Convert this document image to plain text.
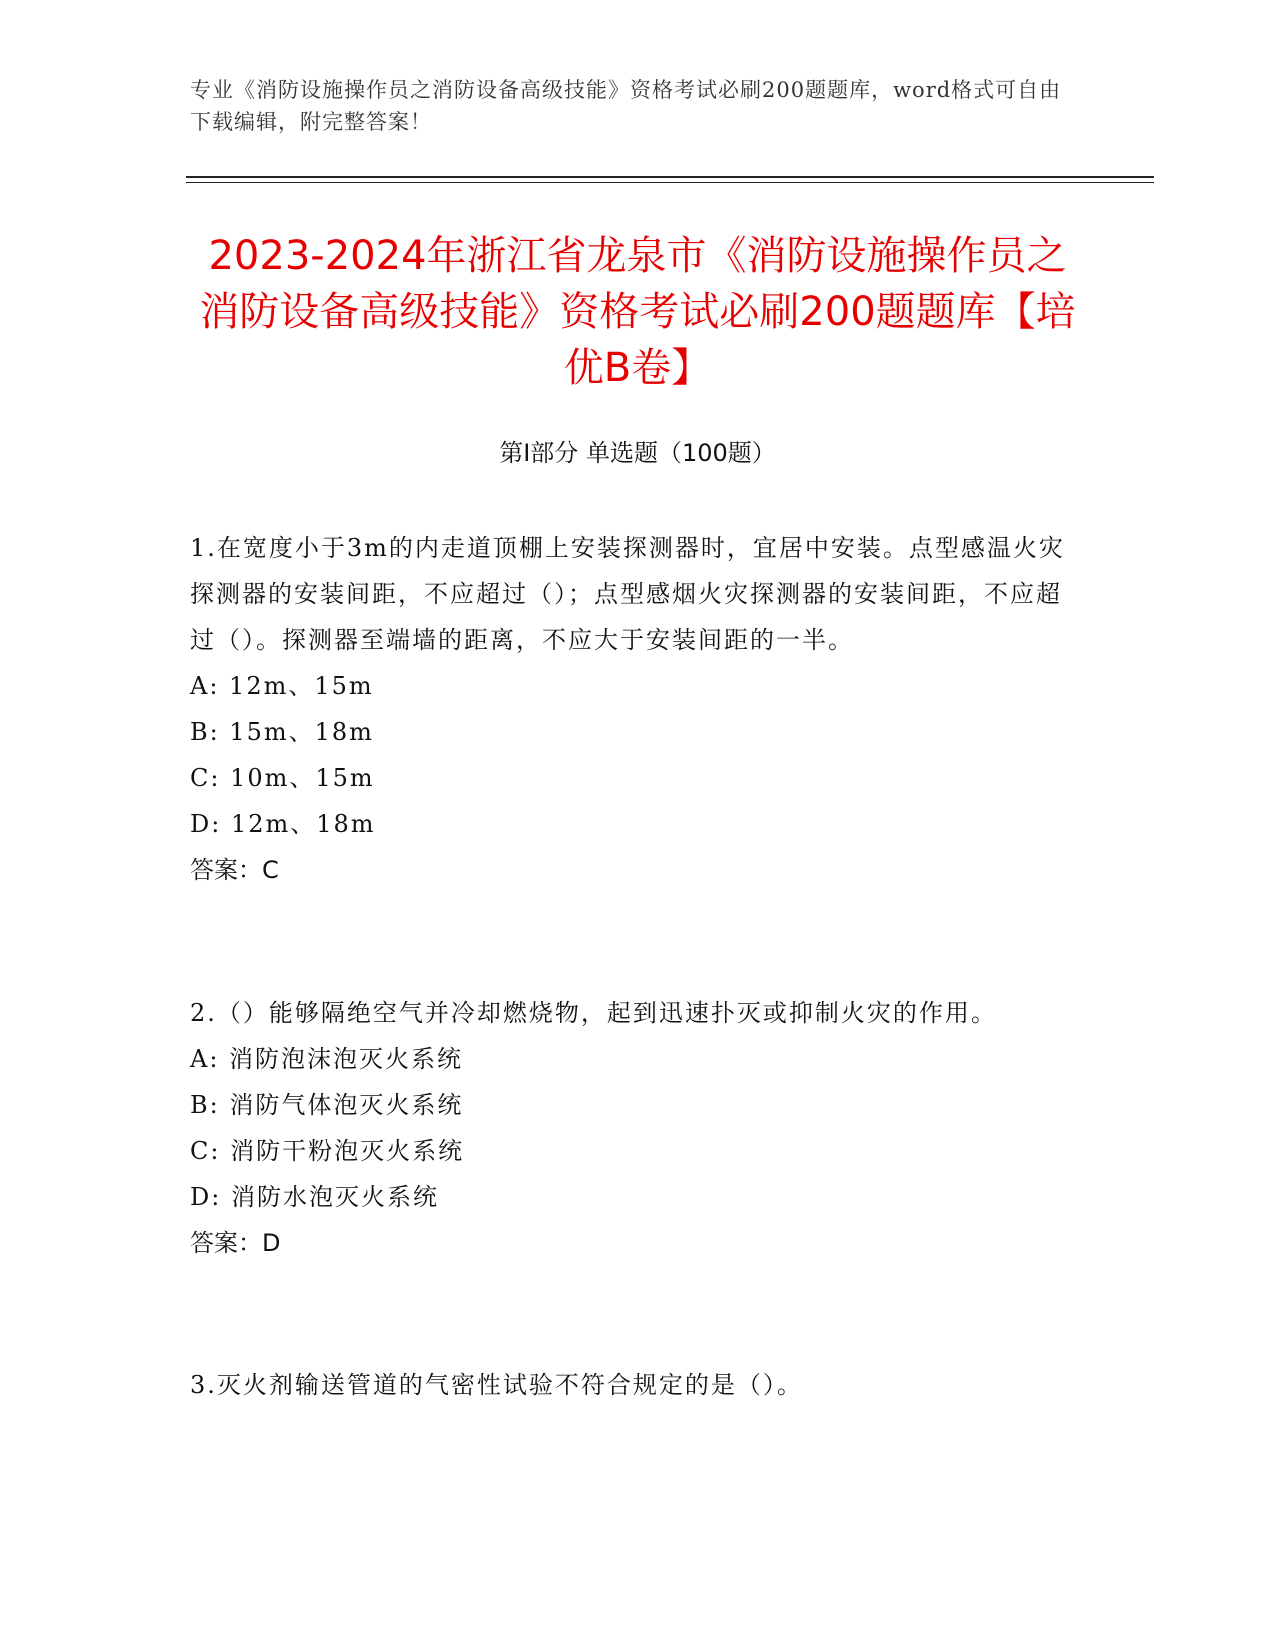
专业《消防设施操作员之消防设备高级技能》资格考试必刷200题题库，word格式可自由下载编辑，附完整答案！
2023-2024年浙江省龙泉市《消防设施操作员之消防设备高级技能》资格考试必刷200题题库【培优B卷】
第I部分 单选题（100题）

1.在宽度小于3m的内走道顶棚上安装探测器时，宜居中安装。点型感温火灾探测器的安装间距，不应超过（）；点型感烟火灾探测器的安装间距，不应超过（）。探测器至端墙的距离，不应大于安装间距的一半。

A: 12m、15m

B: 15m、18m

C: 10m、15m

D: 12m、18m

答案：C

2.（）能够隔绝空气并冷却燃烧物，起到迅速扑灭或抑制火灾的作用。

A: 消防泡沫泡灭火系统

B: 消防气体泡灭火系统

C: 消防干粉泡灭火系统

D: 消防水泡灭火系统

答案：D

3.灭火剂输送管道的气密性试验不符合规定的是（）。
